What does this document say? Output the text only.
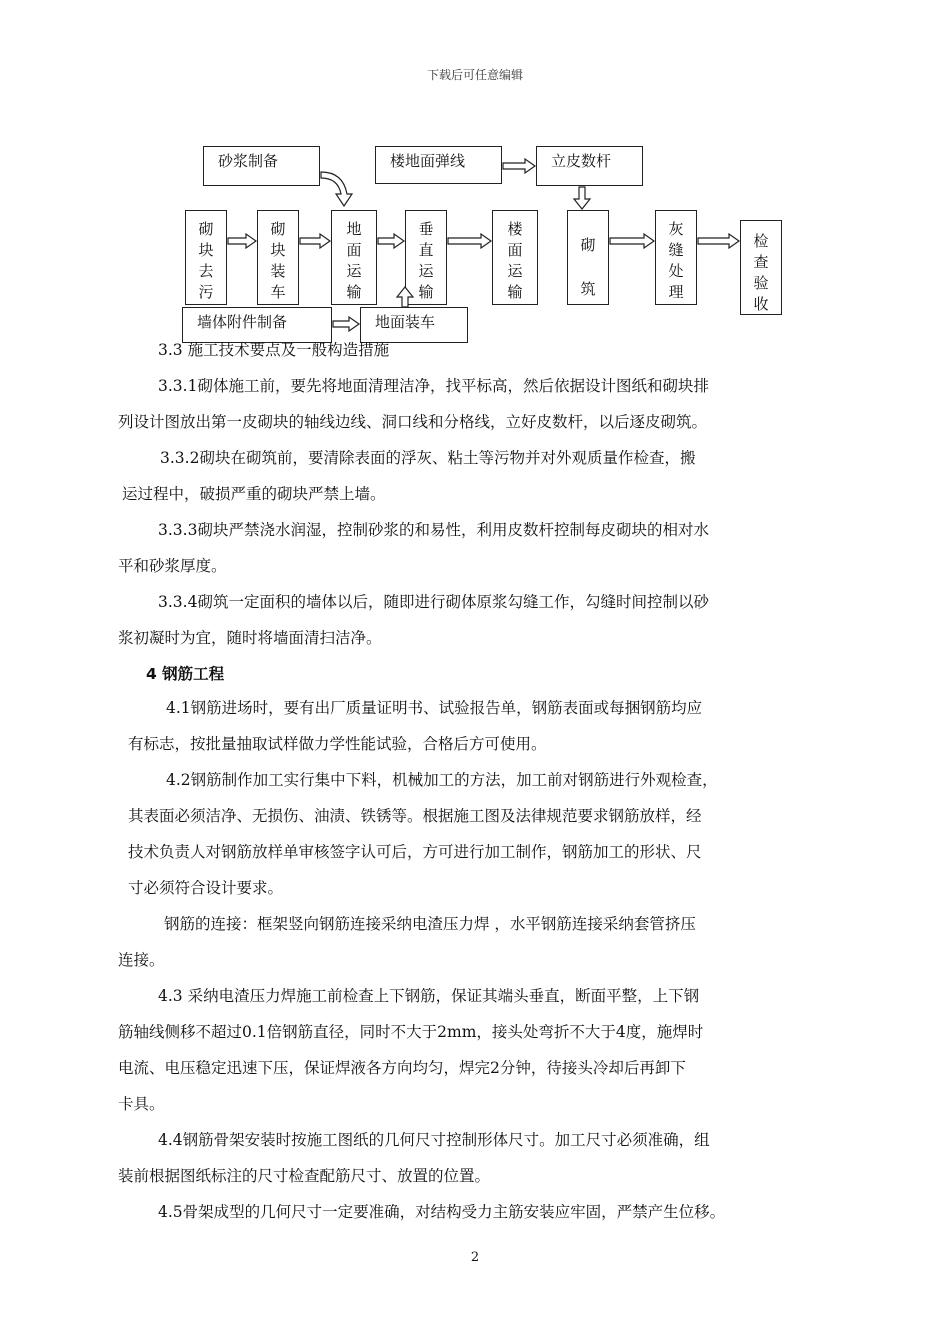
下载后可任意编辑
砂浆制备	楼地面弹线	立皮数杆
砌块去污
砌块装车
地面运输
垂直运输
楼面运输
砌筑
灰缝处理
检查验收
墙体附件制备	地面装车
3.3 施工技术要点及一般构造措施
3.3.1砌体施工前，要先将地面清理洁净，找平标高，然后依据设计图纸和砌块排
列设计图放出第一皮砌块的轴线边线、洞口线和分格线，立好皮数杆，以后逐皮砌筑。
3.3.2砌块在砌筑前，要清除表面的浮灰、粘土等污物并对外观质量作检查，搬
运过程中，破损严重的砌块严禁上墙。
3.3.3砌块严禁浇水润湿，控制砂浆的和易性，利用皮数杆控制每皮砌块的相对水
平和砂浆厚度。
3.3.4砌筑一定面积的墙体以后，随即进行砌体原浆勾缝工作，勾缝时间控制以砂
浆初凝时为宜，随时将墙面清扫洁净。
4 钢筋工程
4.1钢筋进场时，要有出厂质量证明书、试验报告单，钢筋表面或每捆钢筋均应
有标志，按批量抽取试样做力学性能试验，合格后方可使用。
4.2钢筋制作加工实行集中下料，机械加工的方法，加工前对钢筋进行外观检查，
其表面必须洁净、无损伤、油渍、铁锈等。根据施工图及法律规范要求钢筋放样，经
技术负责人对钢筋放样单审核签字认可后，方可进行加工制作，钢筋加工的形状、尺
寸必须符合设计要求。
钢筋的连接：框架竖向钢筋连接采纳电渣压力焊 ，水平钢筋连接采纳套管挤压
连接。
4.3 采纳电渣压力焊施工前检查上下钢筋，保证其端头垂直，断面平整，上下钢
筋轴线侧移不超过0.1倍钢筋直径，同时不大于2mm，接头处弯折不大于4度，施焊时
电流、电压稳定迅速下压，保证焊液各方向均匀，焊完2分钟，待接头冷却后再卸下
卡具。
4.4钢筋骨架安装时按施工图纸的几何尺寸控制形体尺寸。加工尺寸必须准确，组
装前根据图纸标注的尺寸检查配筋尺寸、放置的位置。
4.5骨架成型的几何尺寸一定要准确，对结构受力主筋安装应牢固，严禁产生位移。
2
